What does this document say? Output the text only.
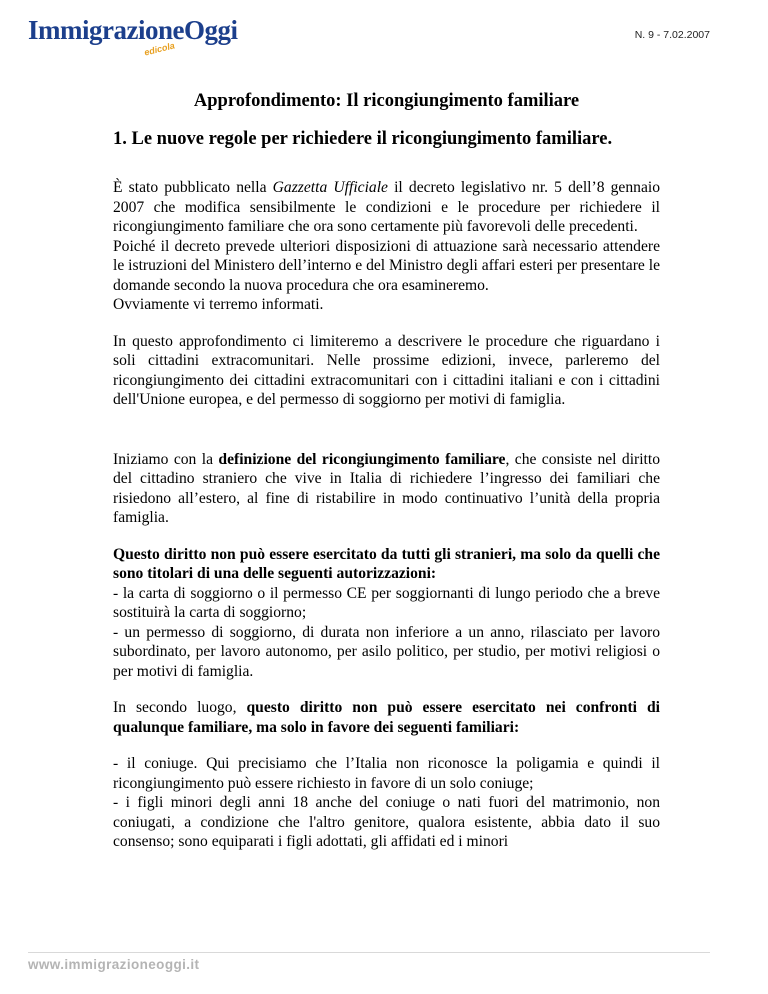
ImmigrazioneOggi
edicola
N. 9 - 7.02.2007
Approfondimento: Il ricongiungimento familiare
1. Le nuove regole per richiedere il ricongiungimento familiare.

È stato pubblicato nella Gazzetta Ufficiale il decreto legislativo nr. 5 dell’8 gennaio 2007 che modifica sensibilmente le condizioni e le procedure per richiedere il ricongiungimento familiare che ora sono certamente più favorevoli delle precedenti.

Poiché il decreto prevede ulteriori disposizioni di attuazione sarà necessario attendere le istruzioni del Ministero dell’interno e del Ministro degli affari esteri per presentare le domande secondo la nuova procedura che ora esamineremo.

Ovviamente vi terremo informati.

In questo approfondimento ci limiteremo a descrivere le procedure che riguardano i soli cittadini extracomunitari. Nelle prossime edizioni, invece, parleremo del ricongiungimento dei cittadini extracomunitari con i cittadini italiani e con i cittadini dell'Unione europea, e del permesso di soggiorno per motivi di famiglia.

Iniziamo con la definizione del ricongiungimento familiare, che consiste nel diritto del cittadino straniero che vive in Italia di richiedere l’ingresso dei familiari che risiedono all’estero, al fine di ristabilire in modo continuativo l’unità della propria famiglia.

Questo diritto non può essere esercitato da tutti gli stranieri, ma solo da quelli che sono titolari di una delle seguenti autorizzazioni:

- la carta di soggiorno o il permesso CE per soggiornanti di lungo periodo che a breve sostituirà la carta di soggiorno;

- un permesso di soggiorno, di durata non inferiore a un anno, rilasciato per lavoro subordinato, per lavoro autonomo, per asilo politico, per studio, per motivi religiosi o per motivi di famiglia.

In secondo luogo, questo diritto non può essere esercitato nei confronti di qualunque familiare, ma solo in favore dei seguenti familiari:

- il coniuge. Qui precisiamo che l’Italia non riconosce la poligamia e quindi il ricongiungimento può essere richiesto in favore di un solo coniuge;

- i figli minori degli anni 18 anche del coniuge o nati fuori del matrimonio, non coniugati, a condizione che l'altro genitore, qualora esistente, abbia dato il suo consenso; sono equiparati i figli adottati, gli affidati ed i minori

www.immigrazioneoggi.it
